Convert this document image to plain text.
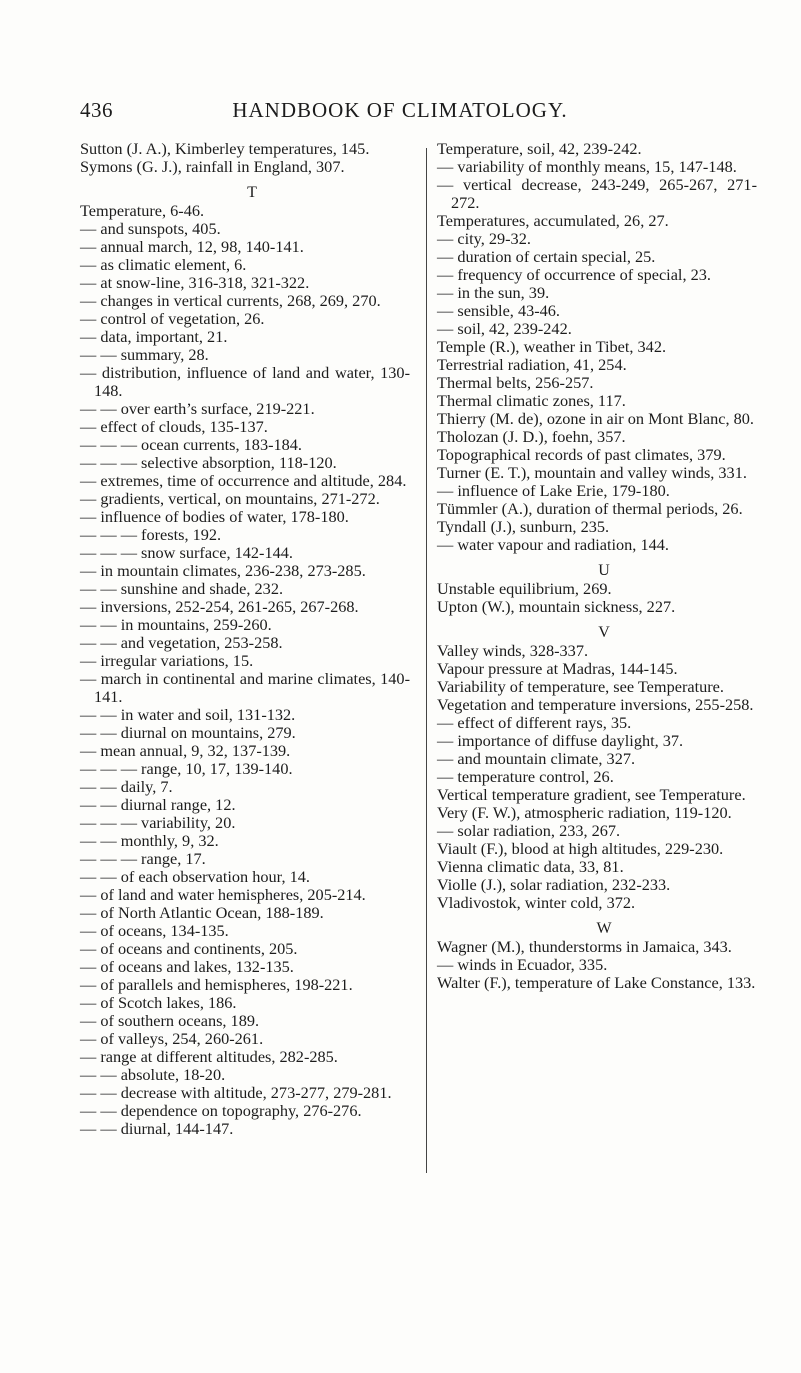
436	HANDBOOK OF CLIMATOLOGY.

Sutton (J. A.), Kimberley temperatures, 145.

Symons (G. J.), rainfall in England, 307.

T

Temperature, 6-46.

— and sunspots, 405.

— annual march, 12, 98, 140-141.

— as climatic element, 6.

— at snow-line, 316-318, 321-322.

— changes in vertical currents, 268, 269, 270.

— control of vegetation, 26.

— data, important, 21.

— — summary, 28.

— distribution, influence of land and water, 130-148.

— — over earth’s surface, 219-221.

— effect of clouds, 135-137.

— — — ocean currents, 183-184.

— — — selective absorption, 118-120.

— extremes, time of occurrence and altitude, 284.

— gradients, vertical, on mountains, 271-272.

— influence of bodies of water, 178-180.

— — — forests, 192.

— — — snow surface, 142-144.

— in mountain climates, 236-238, 273-285.

— — sunshine and shade, 232.

— inversions, 252-254, 261-265, 267-268.

— — in mountains, 259-260.

— — and vegetation, 253-258.

— irregular variations, 15.

— march in continental and marine climates, 140-141.

— — in water and soil, 131-132.

— — diurnal on mountains, 279.

— mean annual, 9, 32, 137-139.

— — — range, 10, 17, 139-140.

— — daily, 7.

— — diurnal range, 12.

— — — variability, 20.

— — monthly, 9, 32.

— — — range, 17.

— — of each observation hour, 14.

— of land and water hemispheres, 205-214.

— of North Atlantic Ocean, 188-189.

— of oceans, 134-135.

— of oceans and continents, 205.

— of oceans and lakes, 132-135.

— of parallels and hemispheres, 198-221.

— of Scotch lakes, 186.

— of southern oceans, 189.

— of valleys, 254, 260-261.

— range at different altitudes, 282-285.

— — absolute, 18-20.

— — decrease with altitude, 273-277, 279-281.

— — dependence on topography, 276-276.

— — diurnal, 144-147.

Temperature, soil, 42, 239-242.

— variability of monthly means, 15, 147-148.

— vertical decrease, 243-249, 265-267, 271-272.

Temperatures, accumulated, 26, 27.

— city, 29-32.

— duration of certain special, 25.

— frequency of occurrence of special, 23.

— in the sun, 39.

— sensible, 43-46.

— soil, 42, 239-242.

Temple (R.), weather in Tibet, 342.

Terrestrial radiation, 41, 254.

Thermal belts, 256-257.

Thermal climatic zones, 117.

Thierry (M. de), ozone in air on Mont Blanc, 80.

Tholozan (J. D.), foehn, 357.

Topographical records of past climates, 379.

Turner (E. T.), mountain and valley winds, 331.

— influence of Lake Erie, 179-180.

Tümmler (A.), duration of thermal periods, 26.

Tyndall (J.), sunburn, 235.

— water vapour and radiation, 144.

U

Unstable equilibrium, 269.

Upton (W.), mountain sickness, 227.

V

Valley winds, 328-337.

Vapour pressure at Madras, 144-145.

Variability of temperature, see Temperature.

Vegetation and temperature inversions, 255-258.

— effect of different rays, 35.

— importance of diffuse daylight, 37.

— and mountain climate, 327.

— temperature control, 26.

Vertical temperature gradient, see Temperature.

Very (F. W.), atmospheric radiation, 119-120.

— solar radiation, 233, 267.

Viault (F.), blood at high altitudes, 229-230.

Vienna climatic data, 33, 81.

Violle (J.), solar radiation, 232-233.

Vladivostok, winter cold, 372.

W

Wagner (M.), thunderstorms in Jamaica, 343.

— winds in Ecuador, 335.

Walter (F.), temperature of Lake Constance, 133.
